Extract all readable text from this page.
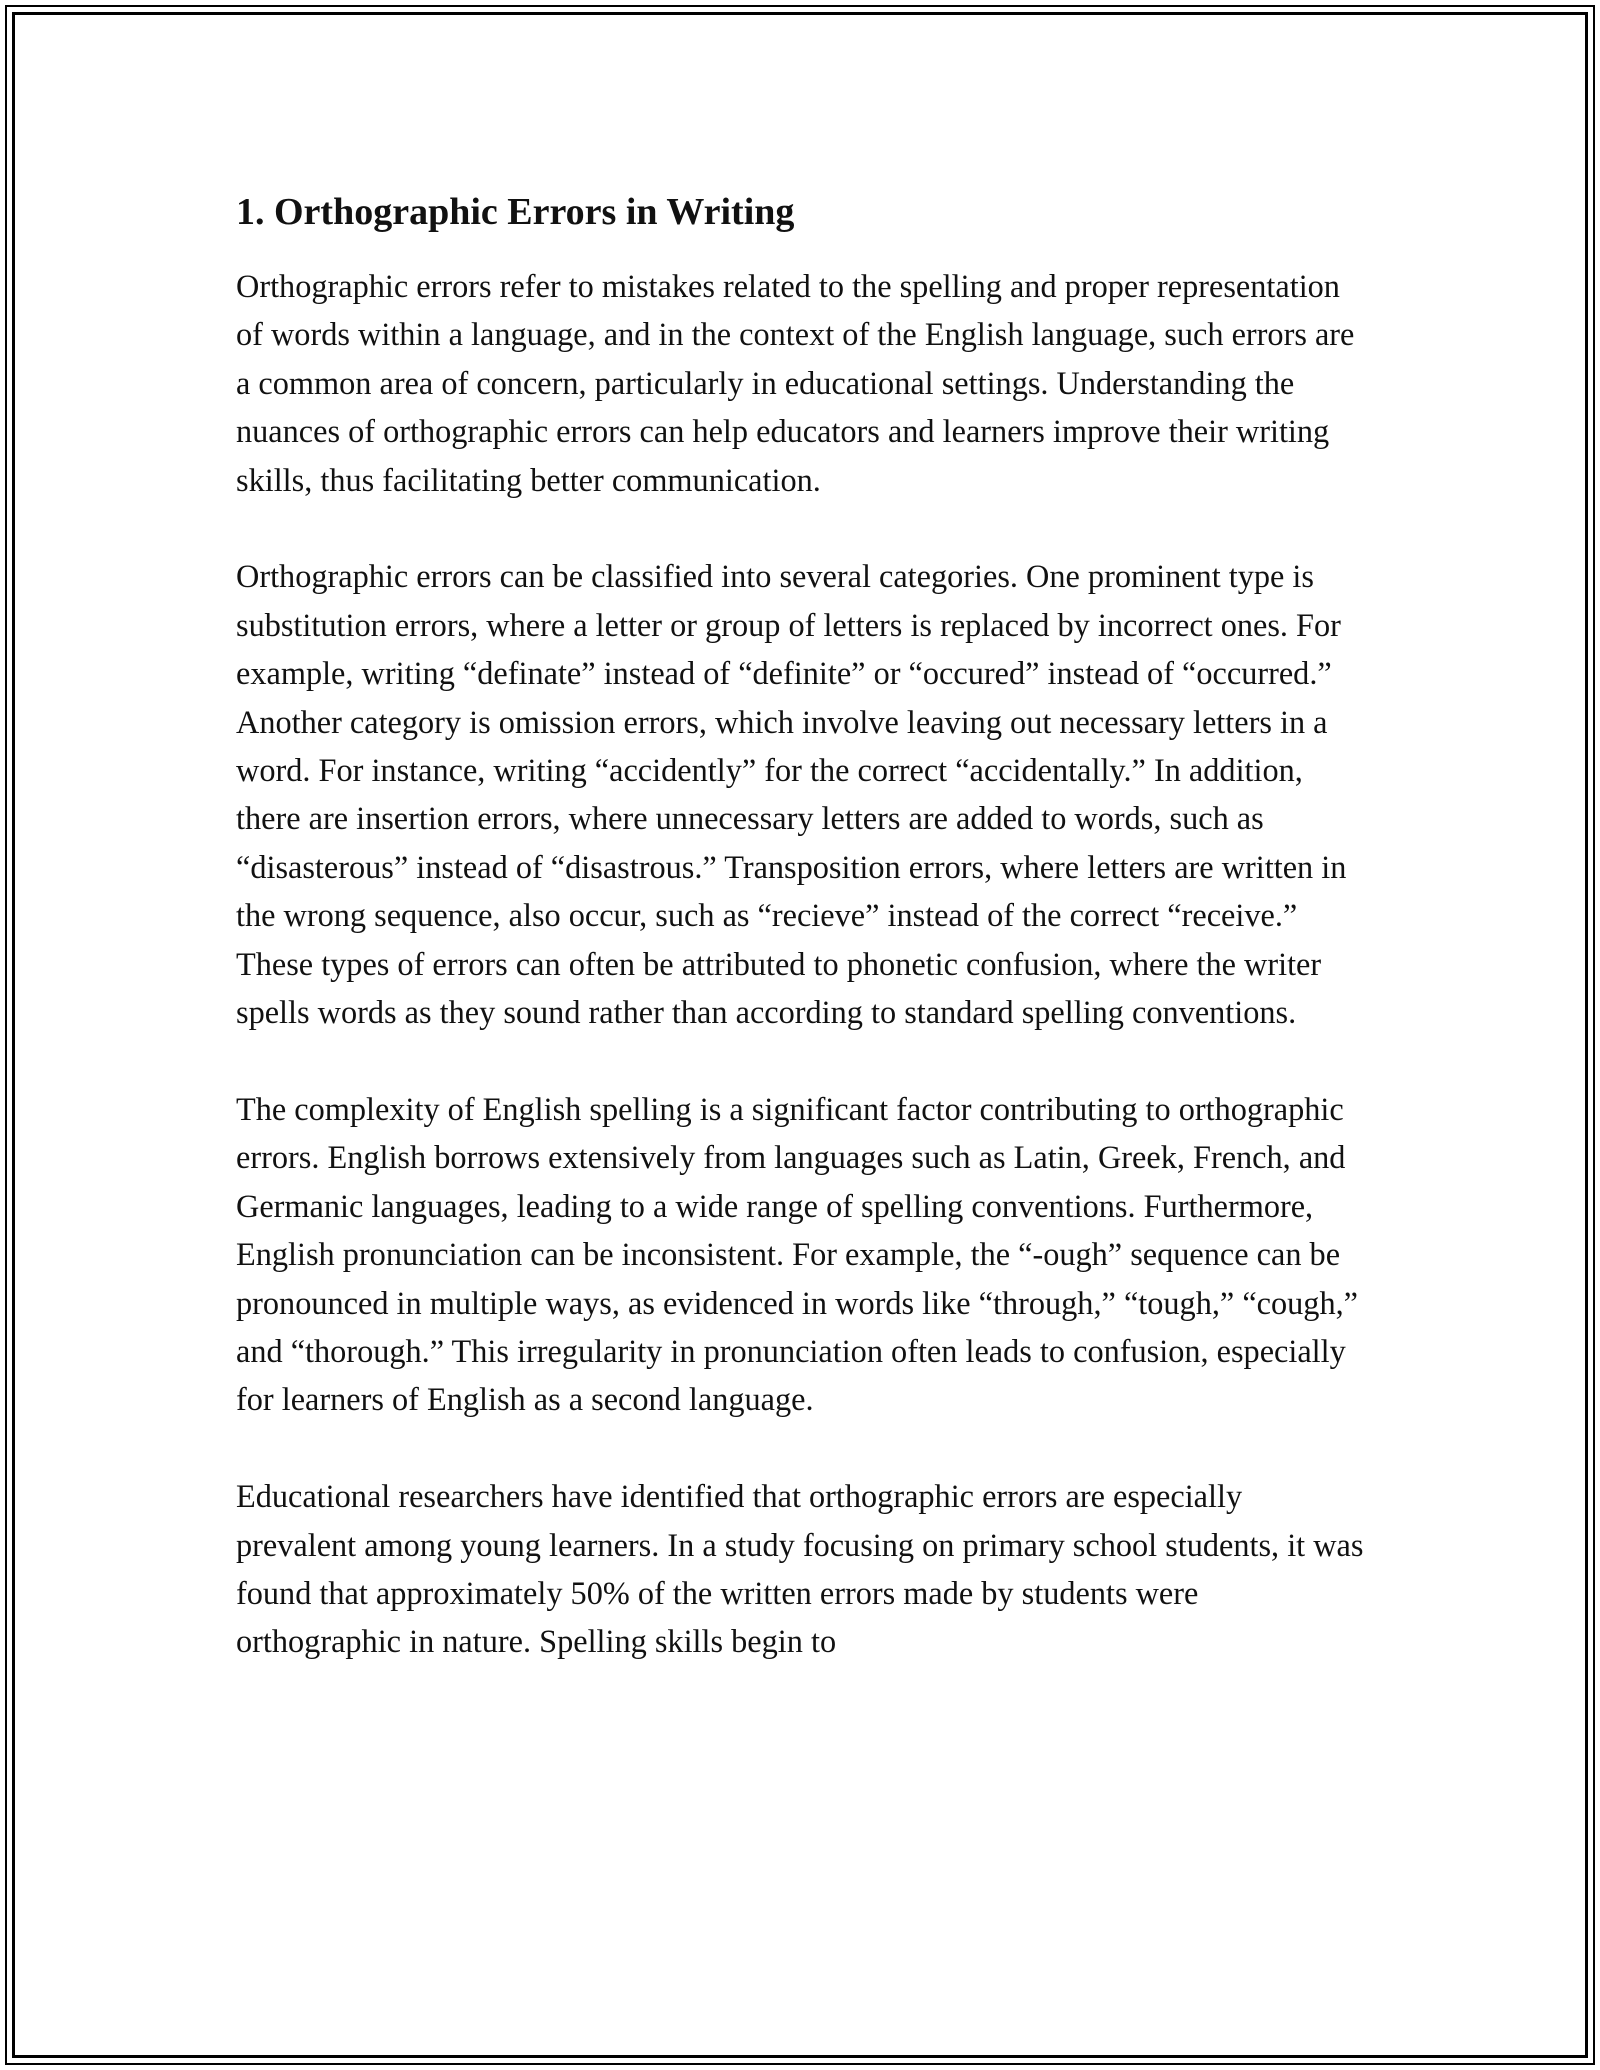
1. Orthographic Errors in Writing

Orthographic errors refer to mistakes related to the spelling and proper representation of words within a language, and in the context of the English language, such errors are a common area of concern, particularly in educational settings. Understanding the nuances of orthographic errors can help educators and learners improve their writing skills, thus facilitating better communication.

Orthographic errors can be classified into several categories. One prominent type is substitution errors, where a letter or group of letters is replaced by incorrect ones. For example, writing “definate” instead of “definite” or “occured” instead of “occurred.” Another category is omission errors, which involve leaving out necessary letters in a word. For instance, writing “accidently” for the correct “accidentally.” In addition, there are insertion errors, where unnecessary letters are added to words, such as “disasterous” instead of “disastrous.” Transposition errors, where letters are written in the wrong sequence, also occur, such as “recieve” instead of the correct “receive.” These types of errors can often be attributed to phonetic confusion, where the writer spells words as they sound rather than according to standard spelling conventions.

The complexity of English spelling is a significant factor contributing to orthographic errors. English borrows extensively from languages such as Latin, Greek, French, and Germanic languages, leading to a wide range of spelling conventions. Furthermore, English pronunciation can be inconsistent. For example, the “-ough” sequence can be pronounced in multiple ways, as evidenced in words like “through,” “tough,” “cough,” and “thorough.” This irregularity in pronunciation often leads to confusion, especially for learners of English as a second language.

Educational researchers have identified that orthographic errors are especially prevalent among young learners. In a study focusing on primary school students, it was found that approximately 50% of the written errors made by students were orthographic in nature. Spelling skills begin to
